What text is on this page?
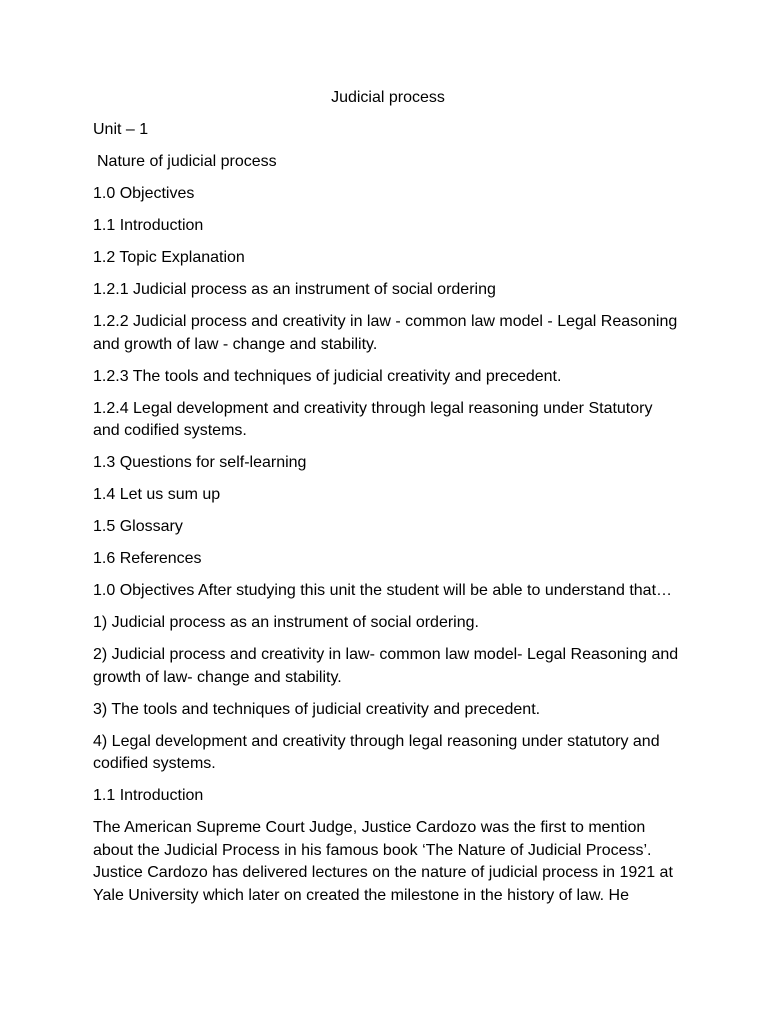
Judicial process
Unit – 1
Nature of judicial process
1.0 Objectives
1.1 Introduction
1.2 Topic Explanation
1.2.1 Judicial process as an instrument of social ordering
1.2.2 Judicial process and creativity in law - common law model - Legal Reasoning and growth of law - change and stability.
1.2.3 The tools and techniques of judicial creativity and precedent.
1.2.4 Legal development and creativity through legal reasoning under Statutory and codified systems.
1.3 Questions for self-learning
1.4 Let us sum up
1.5 Glossary
1.6 References
1.0 Objectives After studying this unit the student will be able to understand that…
1) Judicial process as an instrument of social ordering.
2) Judicial process and creativity in law- common law model- Legal Reasoning and growth of law- change and stability.
3) The tools and techniques of judicial creativity and precedent.
4) Legal development and creativity through legal reasoning under statutory and codified systems.
1.1 Introduction
The American Supreme Court Judge, Justice Cardozo was the first to mention about the Judicial Process in his famous book ‘The Nature of Judicial Process’. Justice Cardozo has delivered lectures on the nature of judicial process in 1921 at Yale University which later on created the milestone in the history of law. He
